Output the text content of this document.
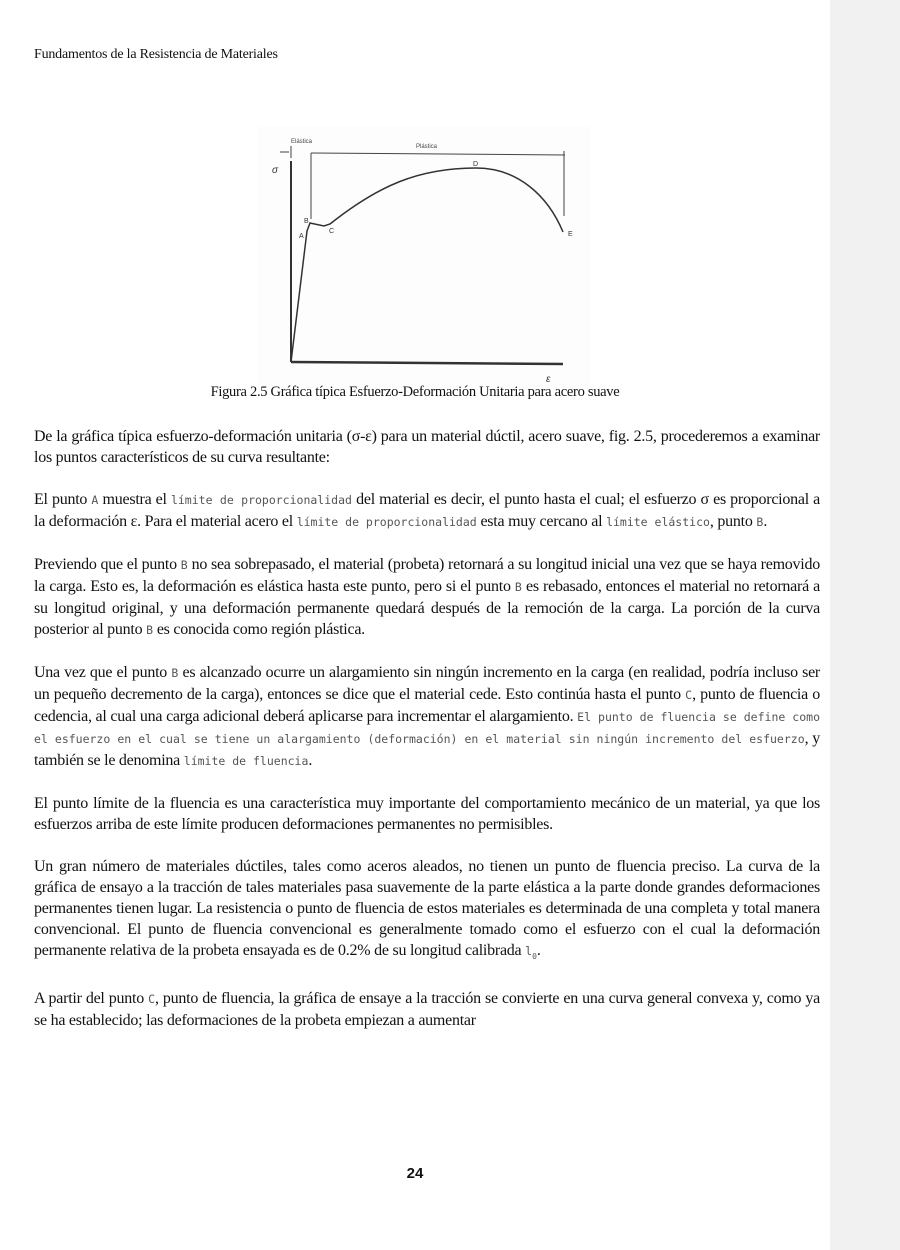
Fundamentos de la Resistencia de Materiales
Elástica
Plástica
σ
ε
A
B
C
D
E
Figura 2.5 Gráfica típica Esfuerzo-Deformación Unitaria para acero suave

De la gráfica típica esfuerzo-deformación unitaria (σ-ε) para un material dúctil, acero suave, fig. 2.5, procederemos a examinar los puntos característicos de su curva resultante:

El punto A muestra el límite de proporcionalidad del material es decir, el punto hasta el cual; el esfuerzo σ es proporcional a la deformación ε. Para el material acero el límite de proporcionalidad esta muy cercano al límite elástico, punto B.

Previendo que el punto B no sea sobrepasado, el material (probeta) retornará a su longitud inicial una vez que se haya removido la carga. Esto es, la deformación es elástica hasta este punto, pero si el punto B es rebasado, entonces el material no retornará a su longitud original, y una deformación permanente quedará después de la remoción de la carga. La porción de la curva posterior al punto B es conocida como región plástica.

Una vez que el punto B es alcanzado ocurre un alargamiento sin ningún incremento en la carga (en realidad, podría incluso ser un pequeño decremento de la carga), entonces se dice que el material cede. Esto continúa hasta el punto C, punto de fluencia o cedencia, al cual una carga adicional deberá aplicarse para incrementar el alargamiento. El punto de fluencia se define como el esfuerzo en el cual se tiene un alargamiento (deformación) en el material sin ningún incremento del esfuerzo, y también se le denomina límite de fluencia.

El punto límite de la fluencia es una característica muy importante del comportamiento mecánico de un material, ya que los esfuerzos arriba de este límite producen deformaciones permanentes no permisibles.

Un gran número de materiales dúctiles, tales como aceros aleados, no tienen un punto de fluencia preciso. La curva de la gráfica de ensayo a la tracción de tales materiales pasa suavemente de la parte elástica a la parte donde grandes deformaciones permanentes tienen lugar. La resistencia o punto de fluencia de estos materiales es determinada de una completa y total manera convencional. El punto de fluencia convencional es generalmente tomado como el esfuerzo con el cual la deformación permanente relativa de la probeta ensayada es de 0.2% de su longitud calibrada $l_0$.

A partir del punto C, punto de fluencia, la gráfica de ensaye a la tracción se convierte en una curva general convexa y, como ya se ha establecido; las deformaciones de la probeta empiezan a aumentar

24
